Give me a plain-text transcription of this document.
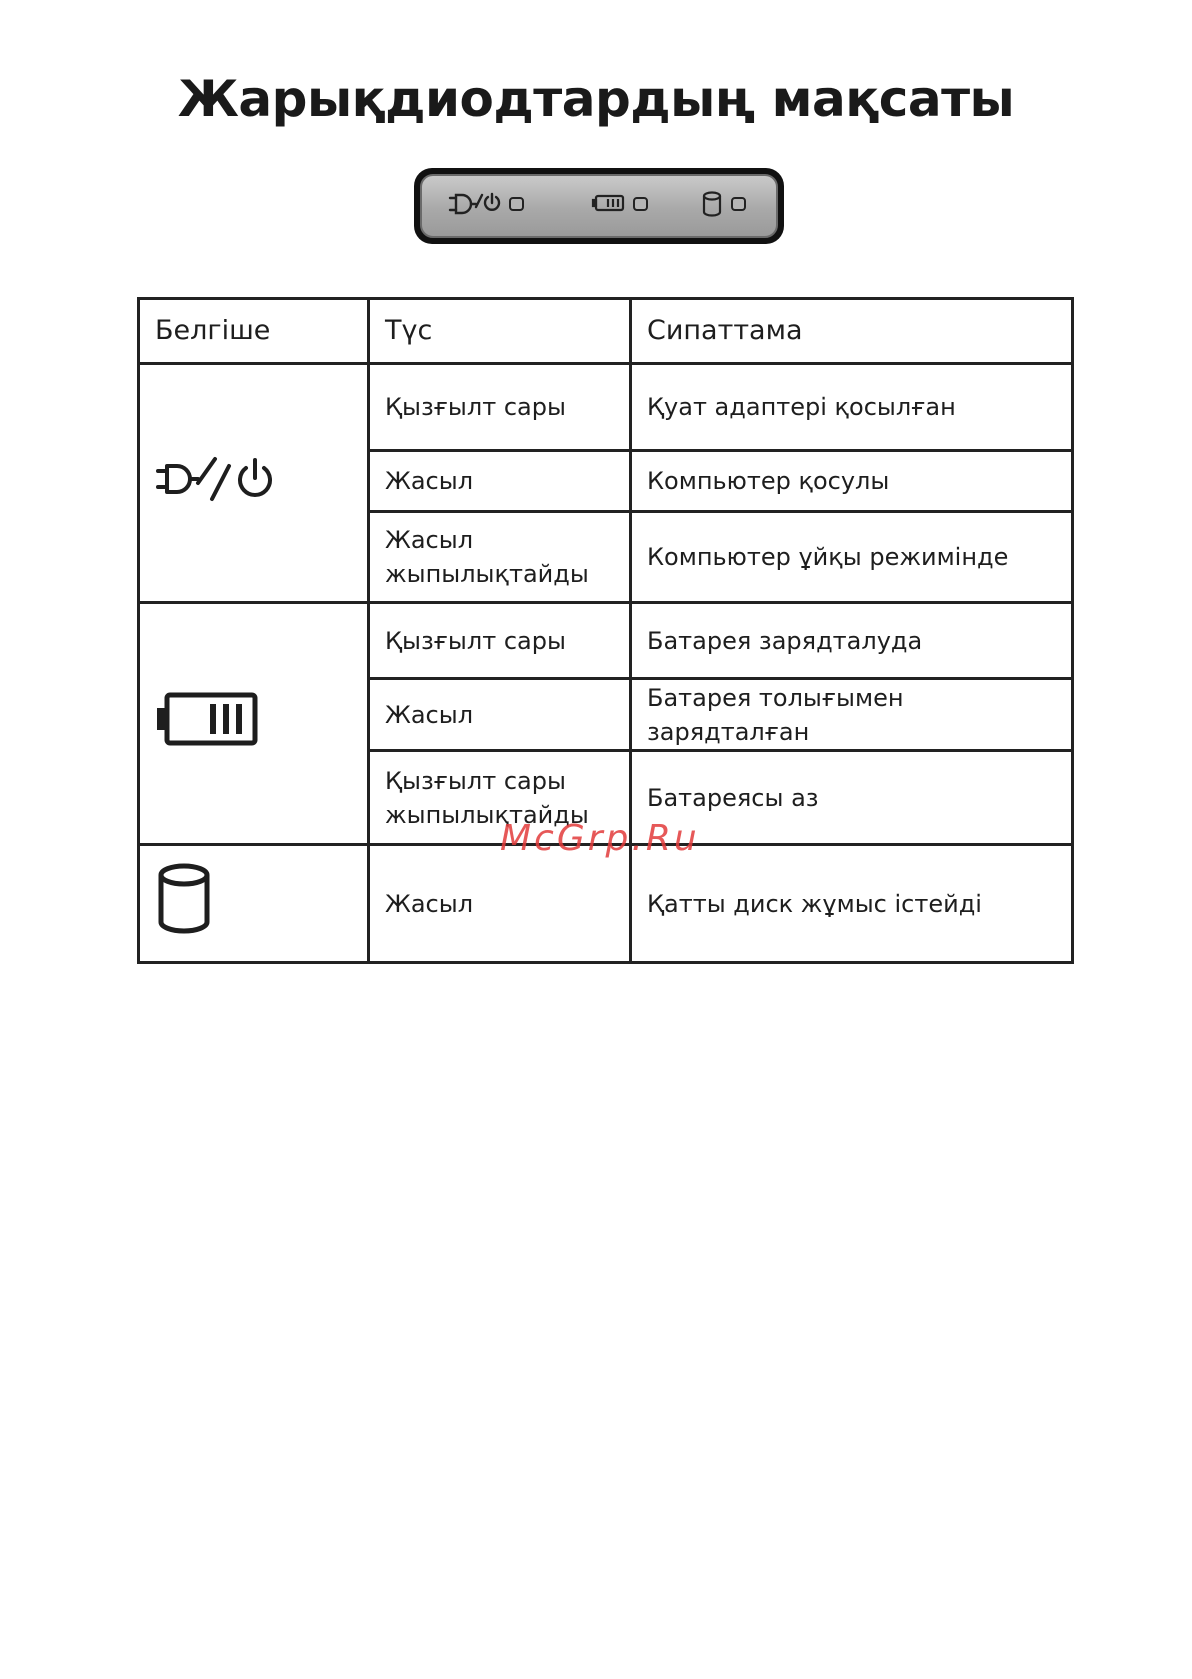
Жарықдиодтардың мақсаты
Белгіше	Түс	Сипаттама
	Қызғылт сары	Қуат адаптері қосылған
	Жасыл	Компьютер қосулы
	Жасыл жыпылықтайды	Компьютер ұйқы режимінде
	Қызғылт сары	Батарея зарядталуда
	Жасыл	Батарея толығымен зарядталған
	Қызғылт сары жыпылықтайды	Батареясы аз
	Жасыл	Қатты диск жұмыс істейді
McGrp.Ru
